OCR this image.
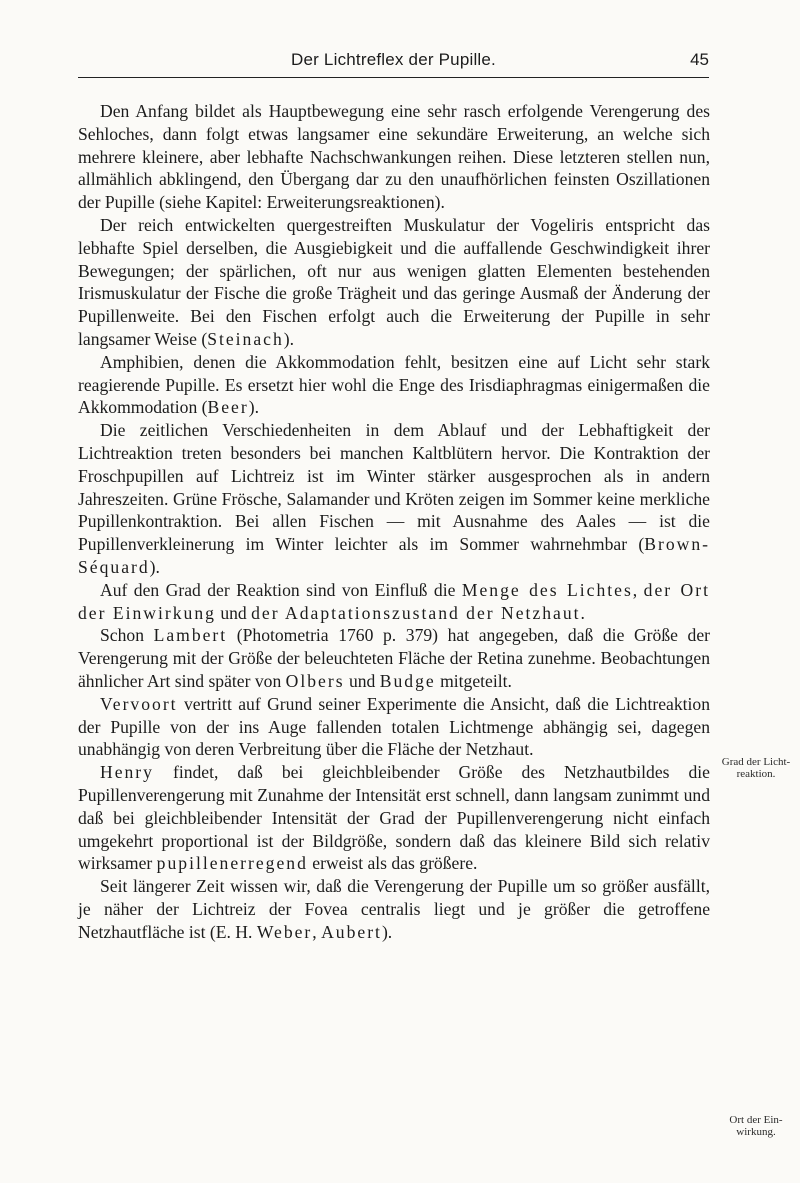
Der Lichtreflex der Pupille.	45

Den Anfang bildet als Hauptbewegung eine sehr rasch erfolgende Verengerung des Sehloches, dann folgt etwas langsamer eine sekundäre Erweiterung, an welche sich mehrere kleinere, aber lebhafte Nachschwankungen reihen. Diese letzteren stellen nun, allmählich abklingend, den Übergang dar zu den unaufhörlichen feinsten Oszillationen der Pupille (siehe Kapitel: Erweiterungsreaktionen).

Der reich entwickelten quergestreiften Muskulatur der Vogeliris entspricht das lebhafte Spiel derselben, die Ausgiebigkeit und die auffallende Geschwindigkeit ihrer Bewegungen; der spärlichen, oft nur aus wenigen glatten Elementen bestehenden Irismuskulatur der Fische die große Trägheit und das geringe Ausmaß der Änderung der Pupillenweite. Bei den Fischen erfolgt auch die Erweiterung der Pupille in sehr langsamer Weise (Steinach).

Amphibien, denen die Akkommodation fehlt, besitzen eine auf Licht sehr stark reagierende Pupille. Es ersetzt hier wohl die Enge des Irisdiaphragmas einigermaßen die Akkommodation (Beer).

Die zeitlichen Verschiedenheiten in dem Ablauf und der Lebhaftigkeit der Lichtreaktion treten besonders bei manchen Kaltblütern hervor. Die Kontraktion der Froschpupillen auf Lichtreiz ist im Winter stärker ausgesprochen als in andern Jahreszeiten. Grüne Frösche, Salamander und Kröten zeigen im Sommer keine merkliche Pupillenkontraktion. Bei allen Fischen — mit Ausnahme des Aales — ist die Pupillenverkleinerung im Winter leichter als im Sommer wahrnehmbar (Brown-Séquard).

Auf den Grad der Reaktion sind von Einfluß die Menge des Lichtes, der Ort der Einwirkung und der Adaptationszustand der Netzhaut.

Schon Lambert (Photometria 1760 p. 379) hat angegeben, daß die Größe der Verengerung mit der Größe der beleuchteten Fläche der Retina zunehme. Beobachtungen ähnlicher Art sind später von Olbers und Budge mitgeteilt.

Vervoort vertritt auf Grund seiner Experimente die Ansicht, daß die Lichtreaktion der Pupille von der ins Auge fallenden totalen Lichtmenge abhängig sei, dagegen unabhängig von deren Verbreitung über die Fläche der Netzhaut.

Henry findet, daß bei gleichbleibender Größe des Netzhautbildes die Pupillenverengerung mit Zunahme der Intensität erst schnell, dann langsam zunimmt und daß bei gleichbleibender Intensität der Grad der Pupillenverengerung nicht einfach umgekehrt proportional ist der Bildgröße, sondern daß das kleinere Bild sich relativ wirksamer pupillenerregend erweist als das größere.

Seit längerer Zeit wissen wir, daß die Verengerung der Pupille um so größer ausfällt, je näher der Lichtreiz der Fovea centralis liegt und je größer die getroffene Netzhautfläche ist (E. H. Weber, Aubert).

Grad der Licht-reaktion.
Ort der Ein-wirkung.
